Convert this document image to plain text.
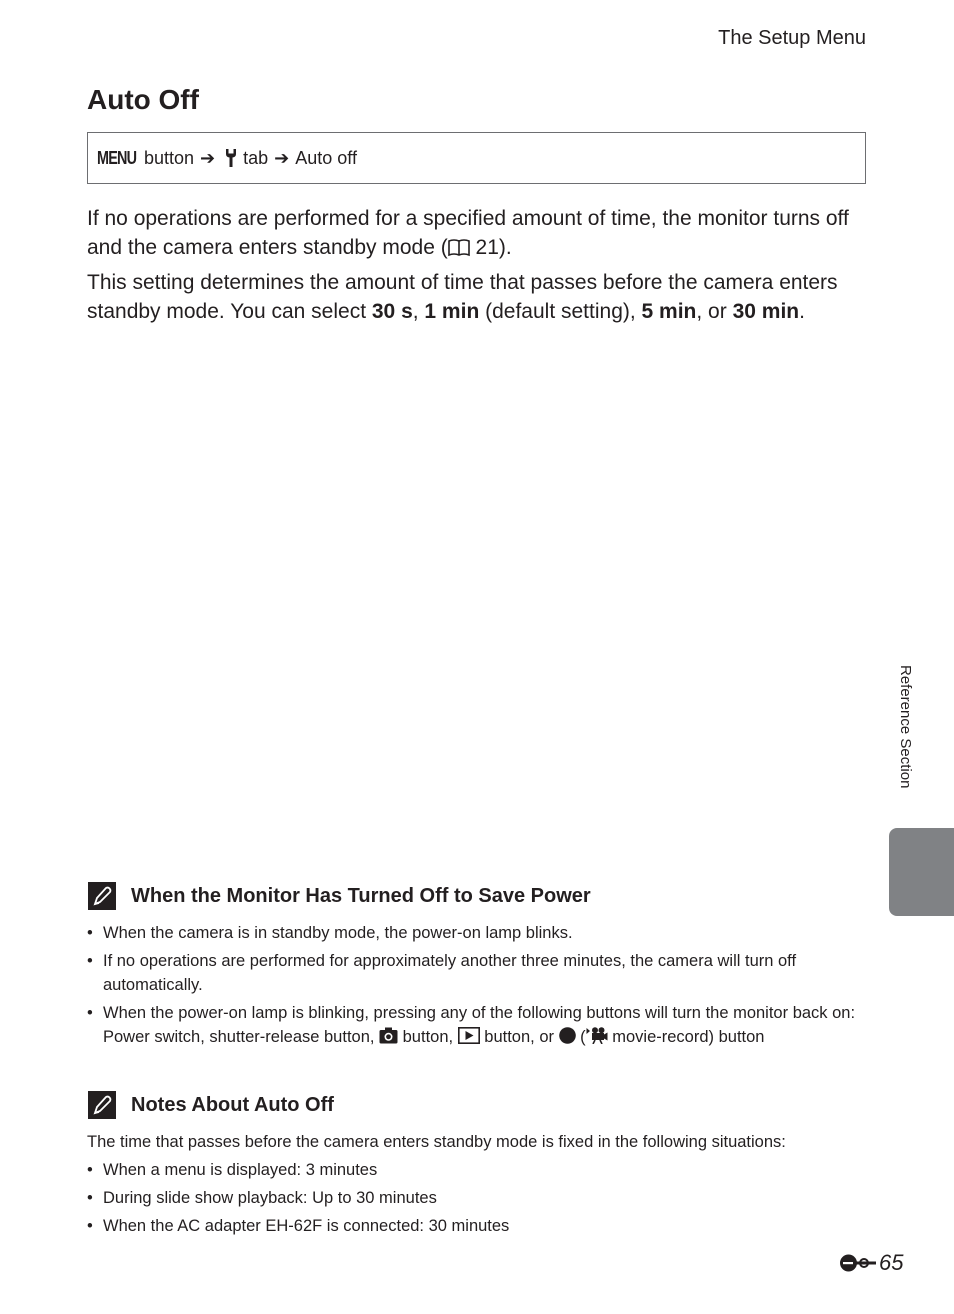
The Setup Menu
Auto Off
MENU button ➔ tab ➔ Auto off

If no operations are performed for a specified amount of time, the monitor turns off and the camera enters standby mode ( 21).

This setting determines the amount of time that passes before the camera enters standby mode. You can select 30 s, 1 min (default setting), 5 min, or 30 min.

When the Monitor Has Turned Off to Save Power
• When the camera is in standby mode, the power-on lamp blinks.
• If no operations are performed for approximately another three minutes, the camera will turn off automatically.
• When the power-on lamp is blinking, pressing any of the following buttons will turn the monitor back on:
Power switch, shutter-release button,  button,  button, or  ( movie-record) button
Notes About Auto Off

The time that passes before the camera enters standby mode is fixed in the following situations:

• When a menu is displayed: 3 minutes
• During slide show playback: Up to 30 minutes
• When the AC adapter EH-62F is connected: 30 minutes
Reference Section
65
